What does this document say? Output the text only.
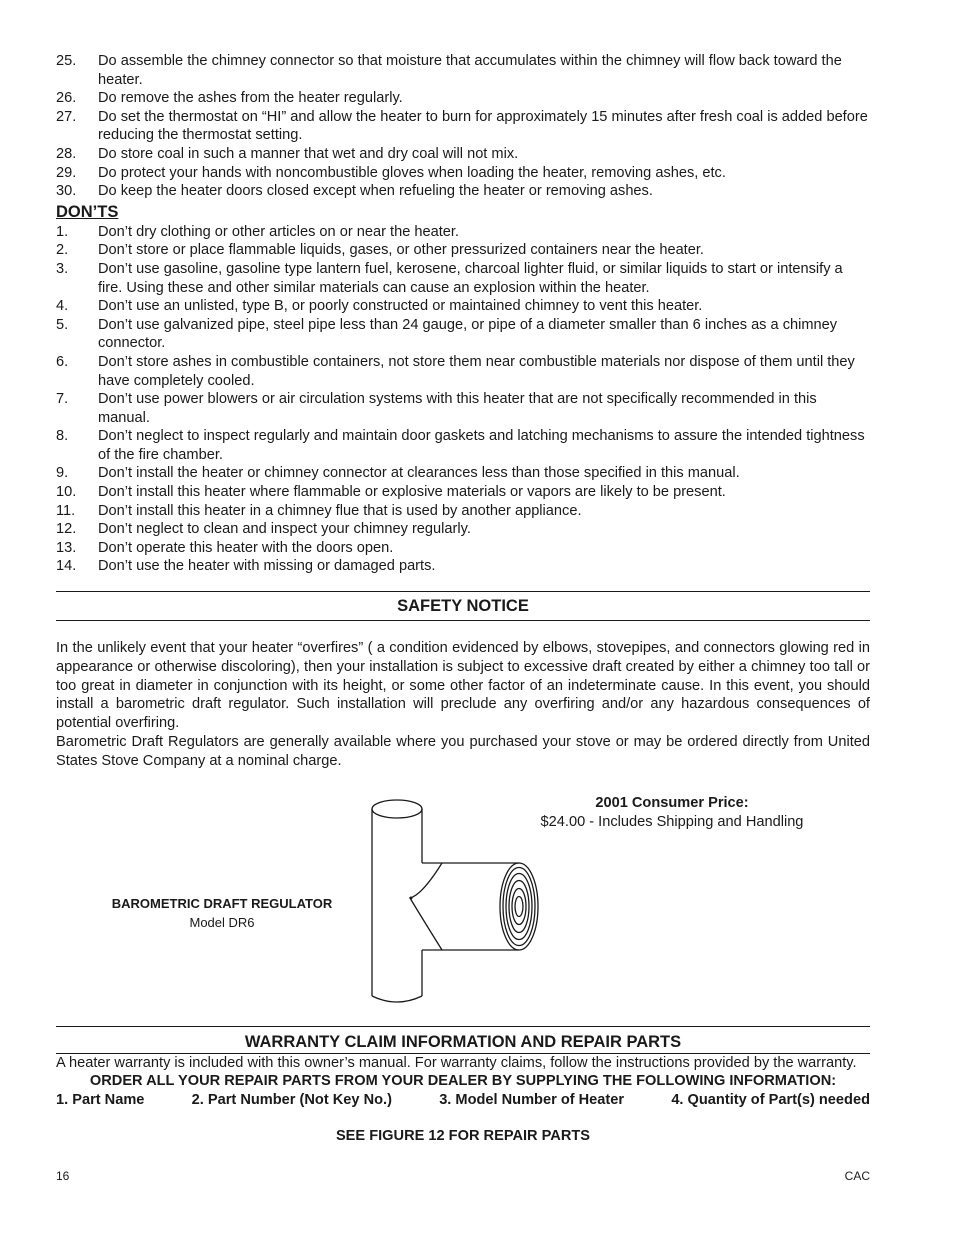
25. Do assemble the chimney connector so that moisture that accumulates within the chimney will flow back toward the heater.
26. Do remove the ashes from the heater regularly.
27. Do set the thermostat on “HI” and allow the heater to burn for approximately 15 minutes after fresh coal is added before reducing the thermostat setting.
28. Do store coal in such a manner that wet and dry coal will not mix.
29. Do protect your hands with noncombustible gloves when loading the heater, removing ashes, etc.
30. Do keep the heater doors closed except when refueling the heater or removing ashes.
DON’TS
1. Don’t dry clothing or other articles on or near the heater.
2. Don’t store or place flammable liquids, gases, or other pressurized containers near the heater.
3. Don’t use gasoline, gasoline type lantern fuel, kerosene, charcoal lighter fluid, or similar liquids to start or intensify a fire. Using these and other similar materials can cause an explosion within the heater.
4. Don’t use an unlisted, type B, or poorly constructed or maintained chimney to vent this heater.
5. Don’t use galvanized pipe, steel pipe less than 24 gauge, or pipe of a diameter smaller than 6 inches as a chimney connector.
6. Don’t store ashes in combustible containers, not store them near combustible materials nor dispose of them until they have completely cooled.
7. Don’t use power blowers or air circulation systems with this heater that are not specifically recommended in this manual.
8. Don’t neglect to inspect regularly and maintain door gaskets and latching mechanisms to assure the intended tightness of the fire chamber.
9. Don’t install the heater or chimney connector at clearances less than those specified in this manual.
10. Don’t install this heater where flammable or explosive materials or vapors are likely to be present.
11. Don’t install this heater in a chimney flue that is used by another appliance.
12. Don’t neglect to clean and inspect your chimney regularly.
13. Don’t operate this heater with the doors open.
14. Don’t use the heater with missing or damaged parts.
SAFETY NOTICE

In the unlikely event that your heater “overfires” ( a condition evidenced by elbows, stovepipes, and connectors glowing red in appearance or otherwise discoloring), then your installation is subject to excessive draft created by either a chimney too tall or too great in diameter in conjunction with its height, or some other factor of an indeterminate cause. In this event, you should install a barometric draft regulator. Such installation will preclude any overfiring and/or any hazardous consequences of potential overfiring.

Barometric Draft Regulators are generally available where you purchased your stove or may be ordered directly from United States Stove Company at a nominal charge.

BAROMETRIC DRAFT REGULATOR
Model DR6
2001 Consumer Price:
$24.00 - Includes Shipping and Handling
WARRANTY CLAIM INFORMATION AND REPAIR PARTS

A heater warranty is included with this owner’s manual. For warranty claims, follow the instructions provided by the warranty.

ORDER ALL YOUR REPAIR PARTS FROM YOUR DEALER BY SUPPLYING THE FOLLOWING INFORMATION:
1. Part Name	2. Part Number (Not Key No.)	3. Model Number of Heater	4. Quantity of Part(s) needed
SEE FIGURE 12 FOR REPAIR PARTS
16	CAC
